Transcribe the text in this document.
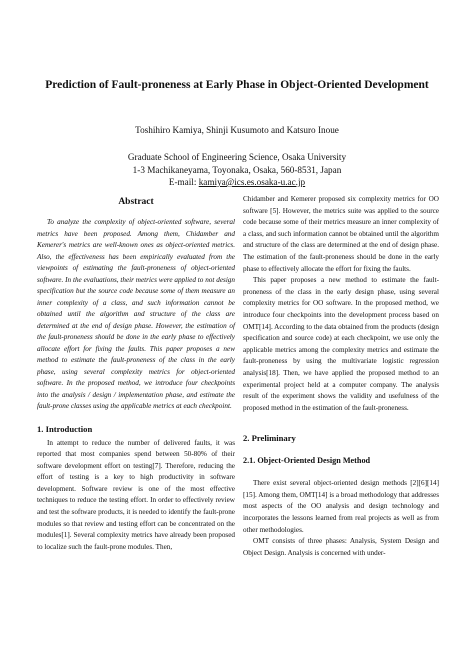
Prediction of Fault-proneness at Early Phase in Object-Oriented Development
Toshihiro Kamiya, Shinji Kusumoto and Katsuro Inoue
Graduate School of Engineering Science, Osaka University
1-3 Machikaneyama, Toyonaka, Osaka, 560-8531, Japan
E-mail: kamiya@ics.es.osaka-u.ac.jp
Abstract

To analyze the complexity of object-oriented software, several metrics have been proposed. Among them, Chidamber and Kemerer's metrics are well-known ones as object-oriented metrics. Also, the effectiveness has been empirically evaluated from the viewpoints of estimating the fault-proneness of object-oriented software. In the evaluations, their metrics were applied to not design specification but the source code because some of them measure an inner complexity of a class, and such information cannot be obtained until the algorithm and structure of the class are determined at the end of design phase. However, the estimation of the fault-proneness should be done in the early phase to effectively allocate effort for fixing the faults. This paper proposes a new method to estimate the fault-proneness of the class in the early phase, using several complexity metrics for object-oriented software. In the proposed method, we introduce four checkpoints into the analysis / design / implementation phase, and estimate the fault-prone classes using the applicable metrics at each checkpoint.

1. Introduction

In attempt to reduce the number of delivered faults, it was reported that most companies spend between 50-80% of their software development effort on testing[7]. Therefore, reducing the effort of testing is a key to high productivity in software development. Software review is one of the most effective techniques to reduce the testing effort. In order to effectively review and test the software products, it is needed to identify the fault-prone modules so that review and testing effort can be concentrated on the modules[1]. Several complexity metrics have already been proposed to localize such the fault-prone modules. Then,

Chidamber and Kemerer proposed six complexity metrics for OO software [5]. However, the metrics suite was applied to the source code because some of their metrics measure an inner complexity of a class, and such information cannot be obtained until the algorithm and structure of the class are determined at the end of design phase. The estimation of the fault-proneness should be done in the early phase to effectively allocate the effort for fixing the faults.

This paper proposes a new method to estimate the fault-proneness of the class in the early design phase, using several complexity metrics for OO software. In the proposed method, we introduce four checkpoints into the development process based on OMT[14]. According to the data obtained from the products (design specification and source code) at each checkpoint, we use only the applicable metrics among the complexity metrics and estimate the fault-proneness by using the multivariate logistic regression analysis[18]. Then, we have applied the proposed method to an experimental project held at a computer company. The analysis result of the experiment shows the validity and usefulness of the proposed method in the estimation of the fault-proneness.

2. Preliminary
2.1. Object-Oriented Design Method

There exist several object-oriented design methods [2][6][14][15]. Among them, OMT[14] is a broad methodology that addresses most aspects of the OO analysis and design technology and incorporates the lessons learned from real projects as well as from other methodologies.

OMT consists of three phases: Analysis, System Design and Object Design. Analysis is concerned with under-
